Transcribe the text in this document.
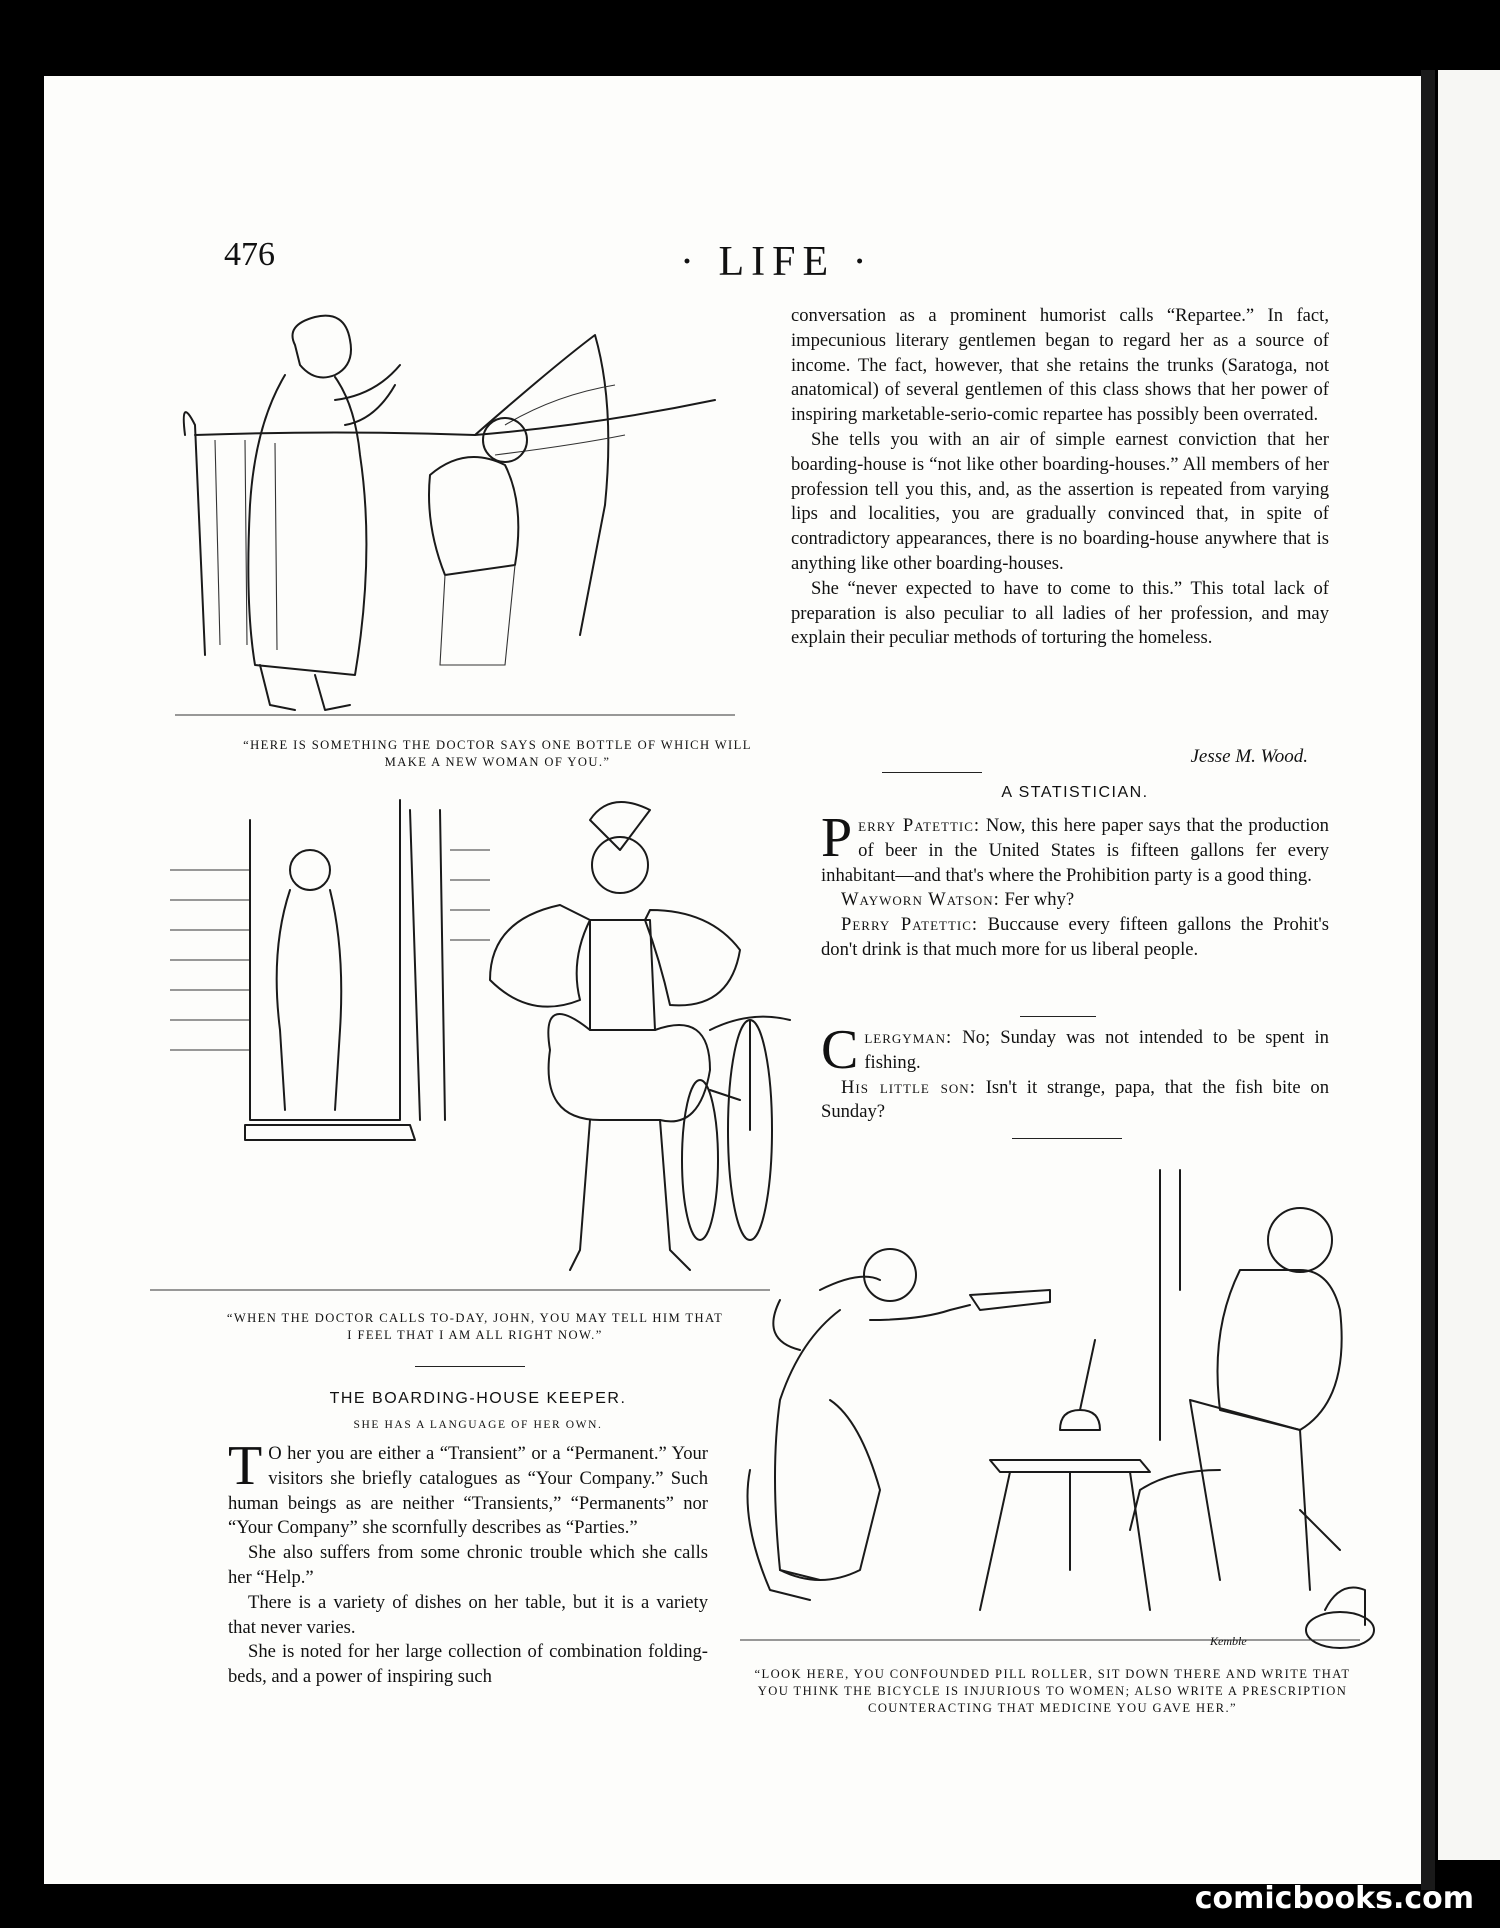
476	· LIFE ·
“HERE IS SOMETHING THE DOCTOR SAYS ONE BOTTLE OF WHICH WILL MAKE A NEW WOMAN OF YOU.”
“WHEN THE DOCTOR CALLS TO-DAY, JOHN, YOU MAY TELL HIM THAT I FEEL THAT I AM ALL RIGHT NOW.”
THE BOARDING-HOUSE KEEPER.
SHE HAS A LANGUAGE OF HER OWN.

T O her you are either a “Transient” or a “Permanent.” Your visitors she briefly catalogues as “Your Company.” Such human beings as are neither “Transients,” “Permanents” nor “Your Company” she scornfully describes as “Parties.”

She also suffers from some chronic trouble which she calls her “Help.”

There is a variety of dishes on her table, but it is a variety that never varies.

She is noted for her large collection of combination folding-beds, and a power of inspiring such

conversation as a prominent humorist calls “Repartee.” In fact, impecunious literary gentlemen began to regard her as a source of income. The fact, however, that she retains the trunks (Saratoga, not anatomical) of several gentlemen of this class shows that her power of inspiring marketable-serio-comic repartee has possibly been overrated.

She tells you with an air of simple earnest conviction that her boarding-house is “not like other boarding-houses.” All members of her profession tell you this, and, as the assertion is repeated from varying lips and localities, you are gradually convinced that, in spite of contradictory appearances, there is no boarding-house anywhere that is anything like other boarding-houses.

She “never expected to have to come to this.” This total lack of preparation is also peculiar to all ladies of her profession, and may explain their peculiar methods of torturing the homeless.

Jesse M. Wood.
A STATISTICIAN.

Perry Patettic: Now, this here paper says that the production of beer in the United States is fifteen gallons fer every inhabitant—and that's where the Prohibition party is a good thing.

Wayworn Watson: Fer why?

Perry Patettic: Buccause every fifteen gallons the Prohit's don't drink is that much more for us liberal people.

Clergyman: No; Sunday was not intended to be spent in fishing.

His little son: Isn't it strange, papa, that the fish bite on Sunday?

Kemble
“LOOK HERE, YOU CONFOUNDED PILL ROLLER, SIT DOWN THERE AND WRITE THAT YOU THINK THE BICYCLE IS INJURIOUS TO WOMEN; ALSO WRITE A PRESCRIPTION COUNTERACTING THAT MEDICINE YOU GAVE HER.”
comicbooks.com
